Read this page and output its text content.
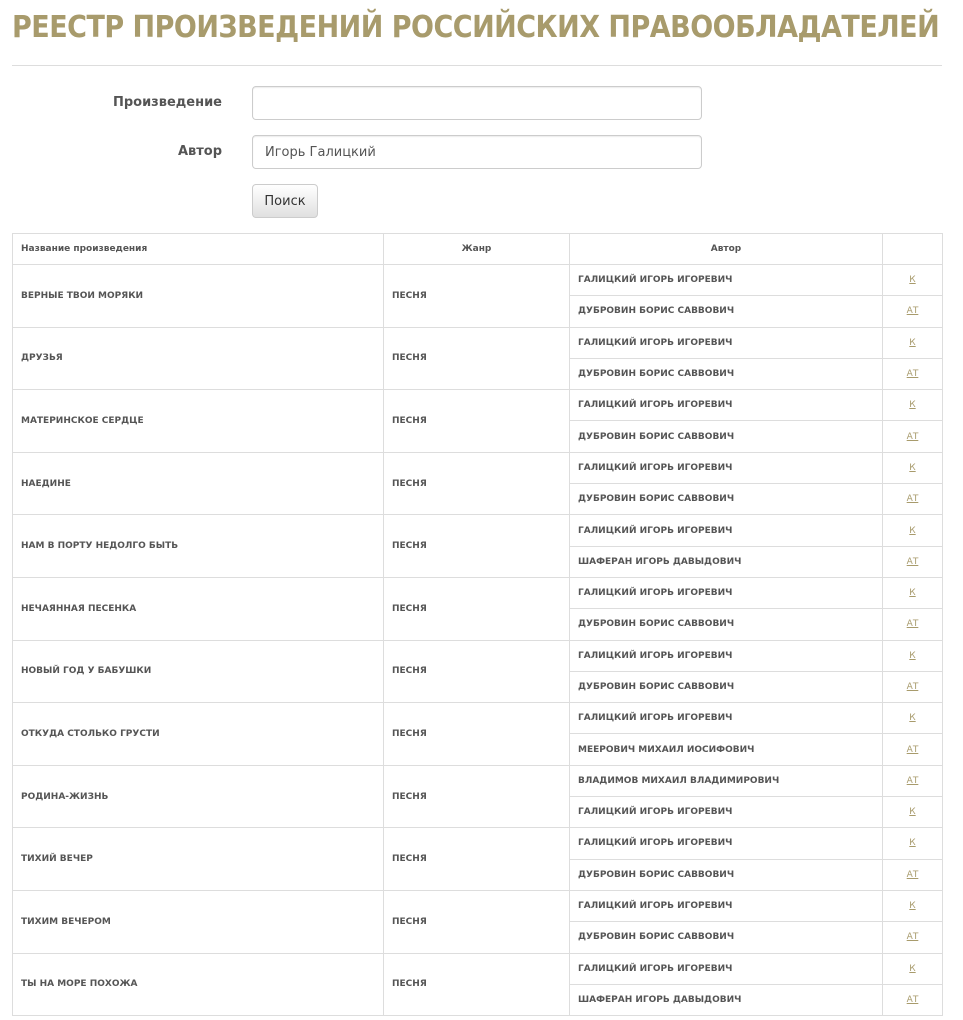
РЕЕСТР ПРОИЗВЕДЕНИЙ РОССИЙСКИХ ПРАВООБЛАДАТЕЛЕЙ
Произведение
Автор
Игорь Галицкий
Поиск
Название произведения	Жанр	Автор	
ВЕРНЫЕ ТВОИ МОРЯКИ	ПЕСНЯ	ГАЛИЦКИЙ ИГОРЬ ИГОРЕВИЧ	К
		ДУБРОВИН БОРИС САВВОВИЧ	АТ
ДРУЗЬЯ	ПЕСНЯ	ГАЛИЦКИЙ ИГОРЬ ИГОРЕВИЧ	К
		ДУБРОВИН БОРИС САВВОВИЧ	АТ
МАТЕРИНСКОЕ СЕРДЦЕ	ПЕСНЯ	ГАЛИЦКИЙ ИГОРЬ ИГОРЕВИЧ	К
		ДУБРОВИН БОРИС САВВОВИЧ	АТ
НАЕДИНЕ	ПЕСНЯ	ГАЛИЦКИЙ ИГОРЬ ИГОРЕВИЧ	К
		ДУБРОВИН БОРИС САВВОВИЧ	АТ
НАМ В ПОРТУ НЕДОЛГО БЫТЬ	ПЕСНЯ	ГАЛИЦКИЙ ИГОРЬ ИГОРЕВИЧ	К
		ШАФЕРАН ИГОРЬ ДАВЫДОВИЧ	АТ
НЕЧАЯННАЯ ПЕСЕНКА	ПЕСНЯ	ГАЛИЦКИЙ ИГОРЬ ИГОРЕВИЧ	К
		ДУБРОВИН БОРИС САВВОВИЧ	АТ
НОВЫЙ ГОД У БАБУШКИ	ПЕСНЯ	ГАЛИЦКИЙ ИГОРЬ ИГОРЕВИЧ	К
		ДУБРОВИН БОРИС САВВОВИЧ	АТ
ОТКУДА СТОЛЬКО ГРУСТИ	ПЕСНЯ	ГАЛИЦКИЙ ИГОРЬ ИГОРЕВИЧ	К
		МЕЕРОВИЧ МИХАИЛ ИОСИФОВИЧ	АТ
РОДИНА-ЖИЗНЬ	ПЕСНЯ	ВЛАДИМОВ МИХАИЛ ВЛАДИМИРОВИЧ	АТ
		ГАЛИЦКИЙ ИГОРЬ ИГОРЕВИЧ	К
ТИХИЙ ВЕЧЕР	ПЕСНЯ	ГАЛИЦКИЙ ИГОРЬ ИГОРЕВИЧ	К
		ДУБРОВИН БОРИС САВВОВИЧ	АТ
ТИХИМ ВЕЧЕРОМ	ПЕСНЯ	ГАЛИЦКИЙ ИГОРЬ ИГОРЕВИЧ	К
		ДУБРОВИН БОРИС САВВОВИЧ	АТ
ТЫ НА МОРЕ ПОХОЖА	ПЕСНЯ	ГАЛИЦКИЙ ИГОРЬ ИГОРЕВИЧ	К
		ШАФЕРАН ИГОРЬ ДАВЫДОВИЧ	АТ
